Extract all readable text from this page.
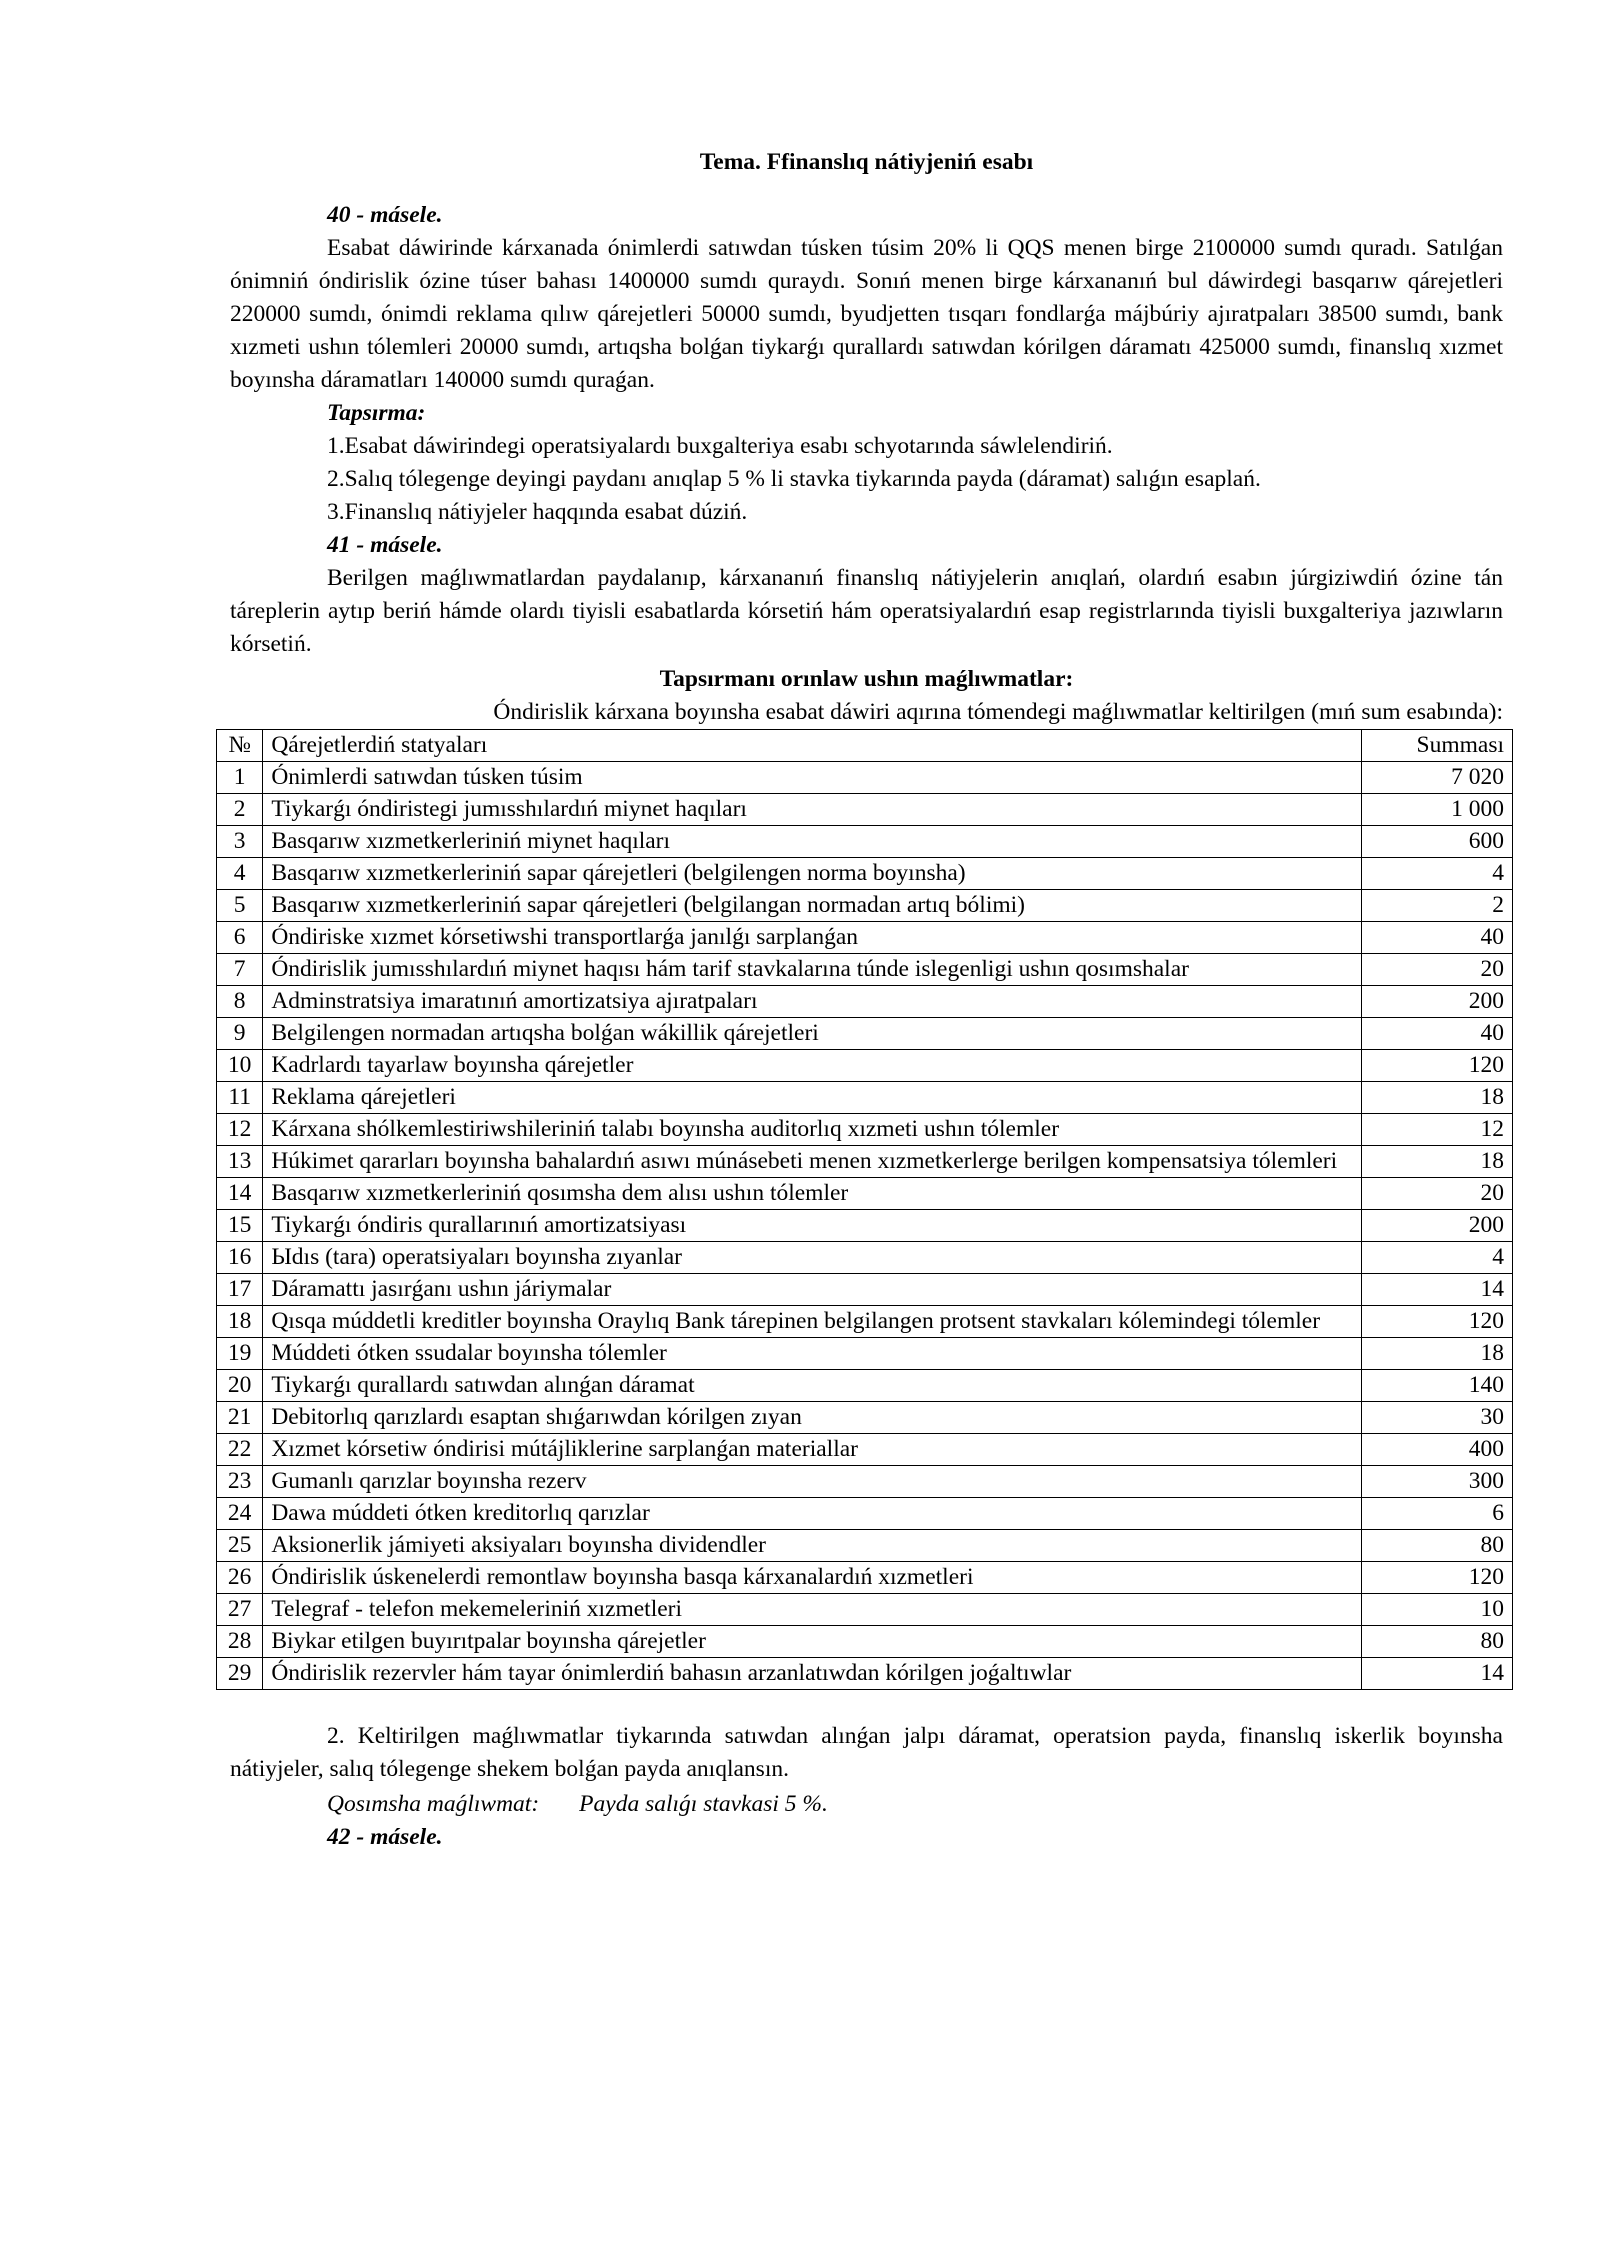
Tema. Ffinanslıq nátiyjeniń esabı
40 - másele.

Esabat dáwirinde kárxanada ónimlerdi satıwdan túsken túsim 20% li QQS menen birge 2100000 sumdı quradı. Satılǵan ónimniń óndirislik ózine túser bahası 1400000 sumdı quraydı. Sonıń menen birge kárxananıń bul dáwirdegi basqarıw qárejetleri 220000 sumdı, ónimdi reklama qılıw qárejetleri 50000 sumdı, byudjetten tısqarı fondlarǵa májbúriy ajıratpaları 38500 sumdı, bank xızmeti ushın tólemleri 20000 sumdı, artıqsha bolǵan tiykarǵı qurallardı satıwdan kórilgen dáramatı 425000 sumdı, finanslıq xızmet boyınsha dáramatları 140000 sumdı quraǵan.

Tapsırma:
1.Esabat dáwirindegi operatsiyalardı buxgalteriya esabı schyotarında sáwlelendiriń.
2.Salıq tólegenge deyingi paydanı anıqlap 5 % li stavka tiykarında payda (dáramat) salıǵın esaplań.
3.Finanslıq nátiyjeler haqqında esabat dúziń.
41 - másele.

Berilgen maǵlıwmatlardan paydalanıp, kárxananıń finanslıq nátiyjelerin anıqlań, olardıń esabın júrgiziwdiń ózine tán táreplerin aytıp beriń hámde olardı tiyisli esabatlarda kórsetiń hám operatsiyalardıń esap registrlarında tiyisli buxgalteriya jazıwların kórsetiń.

Tapsırmanı orınlaw ushın maǵlıwmatlar:
Óndirislik kárxana boyınsha esabat dáwiri aqırına tómendegi maǵlıwmatlar keltirilgen (mıń sum esabında):
№	Qárejetlerdiń statyaları	Summası
1	Ónimlerdi satıwdan túsken túsim	7 020
2	Tiykarǵı óndiristegi jumısshılardıń miynet haqıları	1 000
3	Basqarıw xızmetkerleriniń miynet haqıları	600
4	Basqarıw xızmetkerleriniń sapar qárejetleri (belgilengen norma boyınsha)	4
5	Basqarıw xızmetkerleriniń sapar qárejetleri (belgilangan normadan artıq bólimi)	2
6	Óndiriske xızmet kórsetiwshi transportlarǵa janılǵı sarplanǵan	40
7	Óndirislik jumısshılardıń miynet haqısı hám tarif stavkalarına túnde islegenligi ushın qosımshalar	20
8	Adminstratsiya imaratınıń amortizatsiya ajıratpaları	200
9	Belgilengen normadan artıqsha bolǵan wákillik qárejetleri	40
10	Kadrlardı tayarlaw boyınsha qárejetler	120
11	Reklama qárejetleri	18
12	Kárxana shólkemlestiriwshileriniń talabı boyınsha auditorlıq xızmeti ushın tólemler	12
13	Húkimet qararları boyınsha bahalardıń asıwı múnásebeti menen xızmetkerlerge berilgen kompensatsiya tólemleri	18
14	Basqarıw xızmetkerleriniń qosımsha dem alısı ushın tólemler	20
15	Tiykarǵı óndiris qurallarınıń amortizatsiyası	200
16	Ыdıs (tara) operatsiyaları boyınsha zıyanlar	4
17	Dáramattı jasırǵanı ushın járiymalar	14
18	Qısqa múddetli kreditler boyınsha Oraylıq Bank tárepinen belgilangen protsent stavkaları kólemindegi tólemler	120
19	Múddeti ótken ssudalar boyınsha tólemler	18
20	Tiykarǵı qurallardı satıwdan alınǵan dáramat	140
21	Debitorlıq qarızlardı esaptan shıǵarıwdan kórilgen zıyan	30
22	Xızmet kórsetiw óndirisi mútájliklerine sarplanǵan materiallar	400
23	Gumanlı qarızlar boyınsha rezerv	300
24	Dawa múddeti ótken kreditorlıq qarızlar	6
25	Aksionerlik jámiyeti aksiyaları boyınsha dividendler	80
26	Óndirislik úskenelerdi remontlaw boyınsha basqa kárxanalardıń xızmetleri	120
27	Telegraf - telefon mekemeleriniń xızmetleri	10
28	Biykar etilgen buyırıtpalar boyınsha qárejetler	80
29	Óndirislik rezervler hám tayar ónimlerdiń bahasın arzanlatıwdan kórilgen joǵaltıwlar	14

2. Keltirilgen maǵlıwmatlar tiykarında satıwdan alınǵan jalpı dáramat, operatsion payda, finanslıq iskerlik boyınsha nátiyjeler, salıq tólegenge shekem bolǵan payda anıqlansın.

Qosımsha maǵlıwmat: Payda salıǵı stavkasi 5 %.
42 - másele.
